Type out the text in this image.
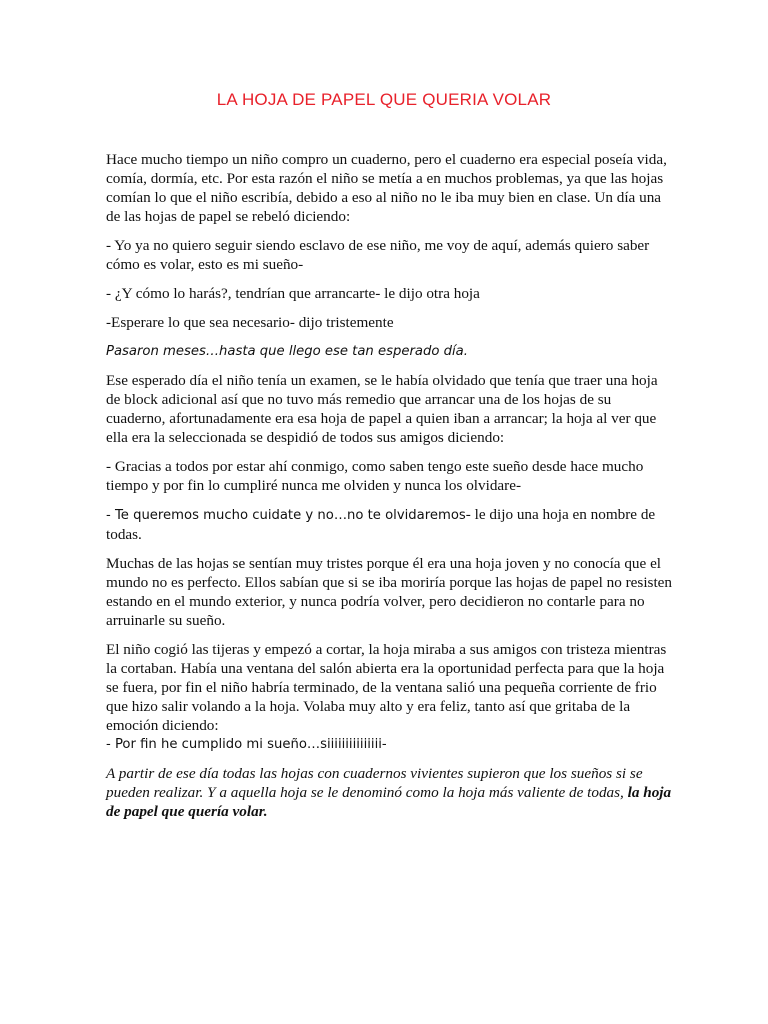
LA HOJA DE PAPEL QUE QUERIA VOLAR

Hace mucho tiempo un niño compro un cuaderno, pero el cuaderno era especial poseía vida, comía, dormía, etc. Por esta razón el niño se metía a en muchos problemas, ya que las hojas comían lo que el niño escribía, debido a eso al niño no le iba muy bien en clase. Un día una de las hojas de papel se rebeló diciendo:

- Yo ya no quiero seguir siendo esclavo de ese niño, me voy de aquí, además quiero saber cómo es volar, esto es mi sueño-

- ¿Y cómo lo harás?, tendrían que arrancarte- le dijo otra hoja

-Esperare lo que sea necesario- dijo tristemente

Pasaron meses…hasta que llego ese tan esperado día.

Ese esperado día el niño tenía un examen, se le había olvidado que tenía que traer una hoja de block adicional así que no tuvo más remedio que arrancar una de los hojas de su cuaderno, afortunadamente era esa hoja de papel a quien iban a arrancar; la hoja al ver que ella era la seleccionada se despidió de todos sus amigos diciendo:

- Gracias a todos por estar ahí conmigo, como saben tengo este sueño desde hace mucho tiempo y por fin lo cumpliré nunca me olviden y nunca los olvidare-

- Te queremos mucho cuidate y no…no te olvidaremos- le dijo una hoja en nombre de todas.

Muchas de las hojas se sentían muy tristes porque él era una hoja joven y no conocía que el mundo no es perfecto. Ellos sabían que si se iba moriría porque las hojas de papel no resisten estando en el mundo exterior, y nunca podría volver, pero decidieron no contarle para no arruinarle su sueño.

El niño cogió las tijeras y empezó a cortar, la hoja miraba a sus amigos con tristeza mientras la cortaban. Había una ventana del salón abierta era la oportunidad perfecta para que la hoja se fuera, por fin el niño habría terminado, de la ventana salió una pequeña corriente de frio que hizo salir volando a la hoja. Volaba muy alto y era feliz, tanto así que gritaba de la emoción diciendo:

- Por fin he cumplido mi sueño…siiiiiiiiiiiiiii-

A partir de ese día todas las hojas con cuadernos vivientes supieron que los sueños si se pueden realizar. Y a aquella hoja se le denominó como la hoja más valiente de todas, la hoja de papel que quería volar.
